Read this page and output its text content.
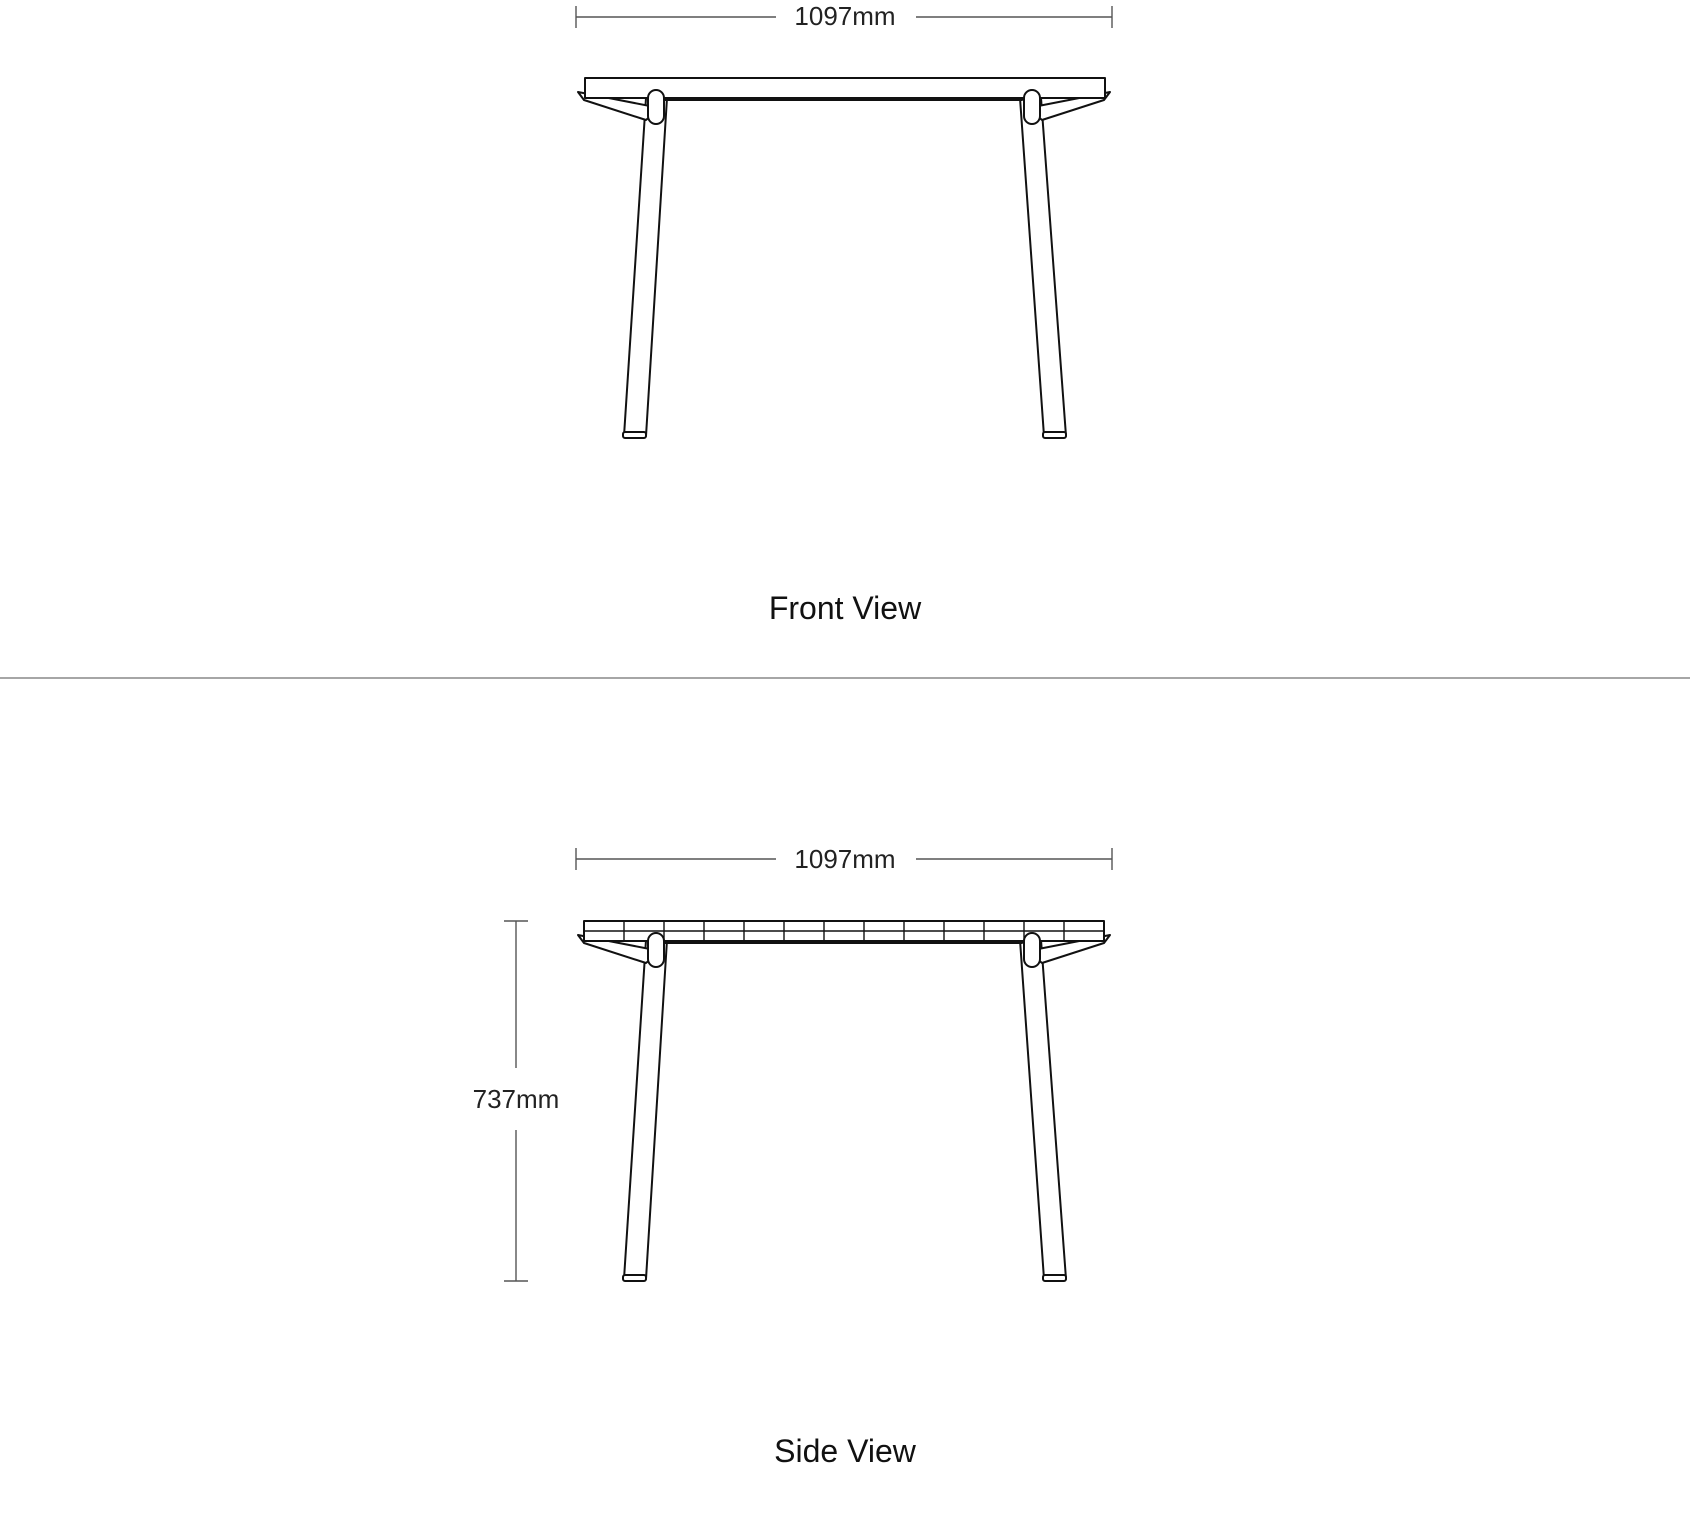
1097mm
Front View
1097mm
737mm
Side View
